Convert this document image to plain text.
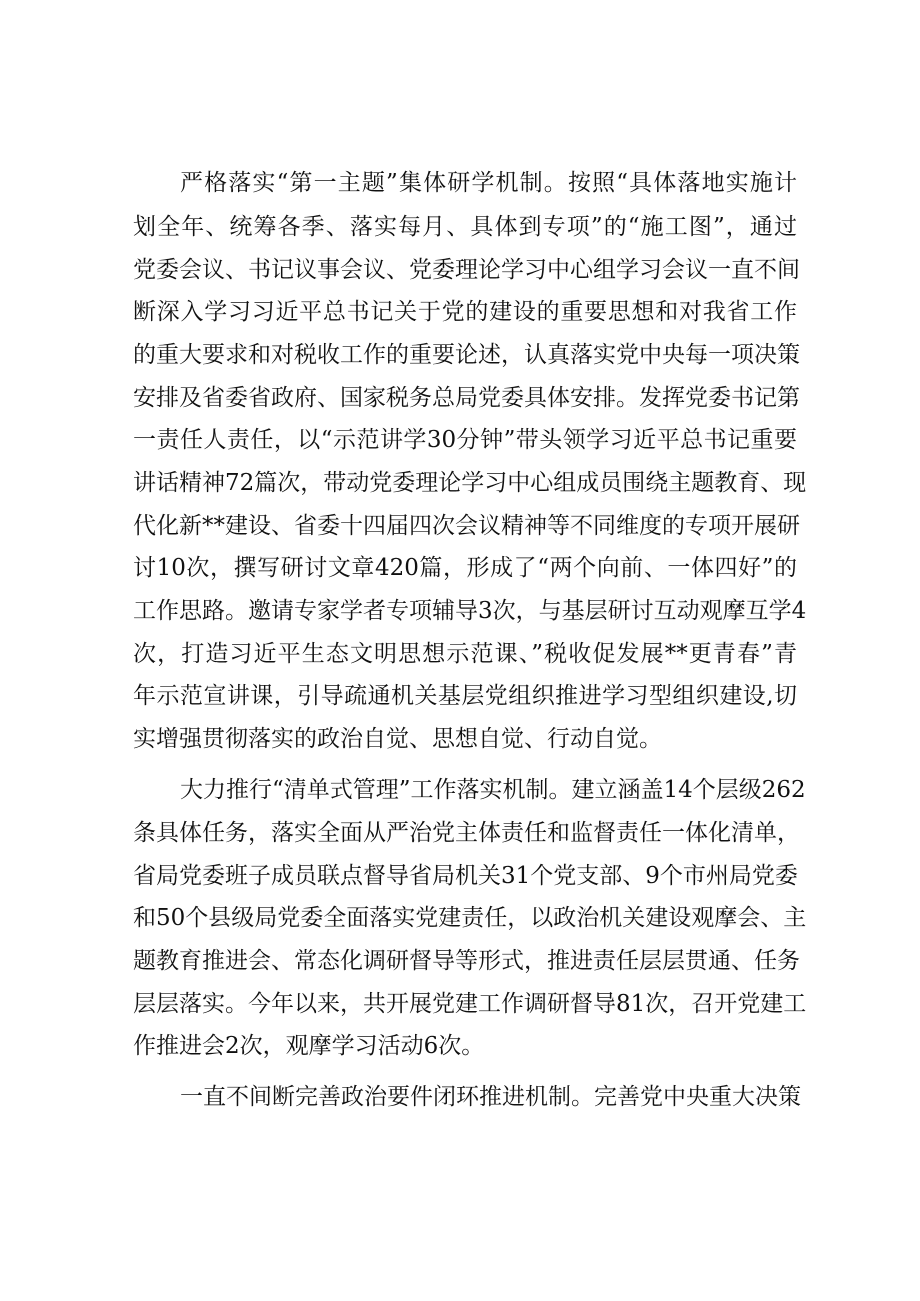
严格落实“第一主题”集体研学机制。按照“具体落地实施计
划全年、统筹各季、落实每月、具体到专项”的“施工图”，通过
党委会议、书记议事会议、党委理论学习中心组学习会议一直不间
断深入学习习近平总书记关于党的建设的重要思想和对我省工作
的重大要求和对税收工作的重要论述，认真落实党中央每一项决策
安排及省委省政府、国家税务总局党委具体安排。发挥党委书记第
一责任人责任，以“示范讲学30分钟”带头领学习近平总书记重要
讲话精神72篇次，带动党委理论学习中心组成员围绕主题教育、现
代化新**建设、省委十四届四次会议精神等不同维度的专项开展研
讨10次，撰写研讨文章420篇，形成了“两个向前、一体四好”的
工作思路。邀请专家学者专项辅导3次，与基层研讨互动观摩互学4
次，打造习近平生态文明思想示范课、”税收促发展**更青春”青
年示范宣讲课，引导疏通机关基层党组织推进学习型组织建设,切
实增强贯彻落实的政治自觉、思想自觉、行动自觉。
大力推行“清单式管理”工作落实机制。建立涵盖14个层级262
条具体任务，落实全面从严治党主体责任和监督责任一体化清单，
省局党委班子成员联点督导省局机关31个党支部、9个市州局党委
和50个县级局党委全面落实党建责任，以政治机关建设观摩会、主
题教育推进会、常态化调研督导等形式，推进责任层层贯通、任务
层层落实。今年以来，共开展党建工作调研督导81次，召开党建工
作推进会2次，观摩学习活动6次。
一直不间断完善政治要件闭环推进机制。完善党中央重大决策
